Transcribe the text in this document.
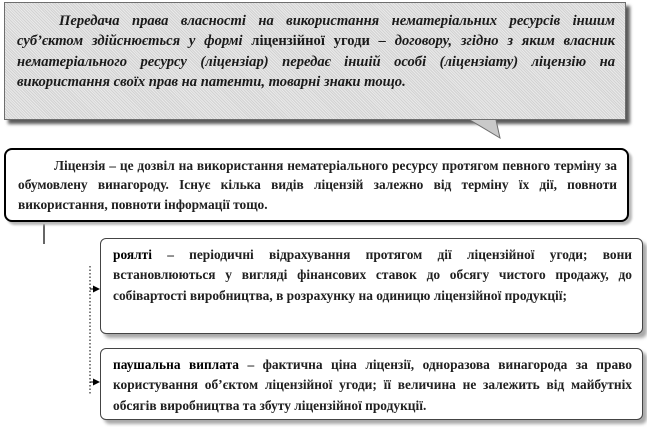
Передача права власності на використання нематеріальних ресурсів іншим суб’єктом здійснюється у формі ліцензійної угоди – договору, згідно з яким власник нематеріального ресурсу (ліцензіар) передає іншій особі (ліцензіату) ліцензію на використання своїх прав на патенти, товарні знаки тощо.

Ліцензія – це дозвіл на використання нематеріального ресурсу протягом певного терміну за обумовлену винагороду. Існує кілька видів ліцензій залежно від терміну їх дії, повноти використання, повноти інформації тощо.

роялті – періодичні відрахування протягом дії ліцензійної угоди; вони встановлюються у вигляді фінансових ставок до обсягу чистого продажу, до собівартості виробництва, в розрахунку на одиницю ліцензійної продукції;

паушальна виплата – фактична ціна ліцензії, одноразова винагорода за право користування об’єктом ліцензійної угоди; її величина не залежить від майбутніх обсягів виробництва та збуту ліцензійної продукції.
